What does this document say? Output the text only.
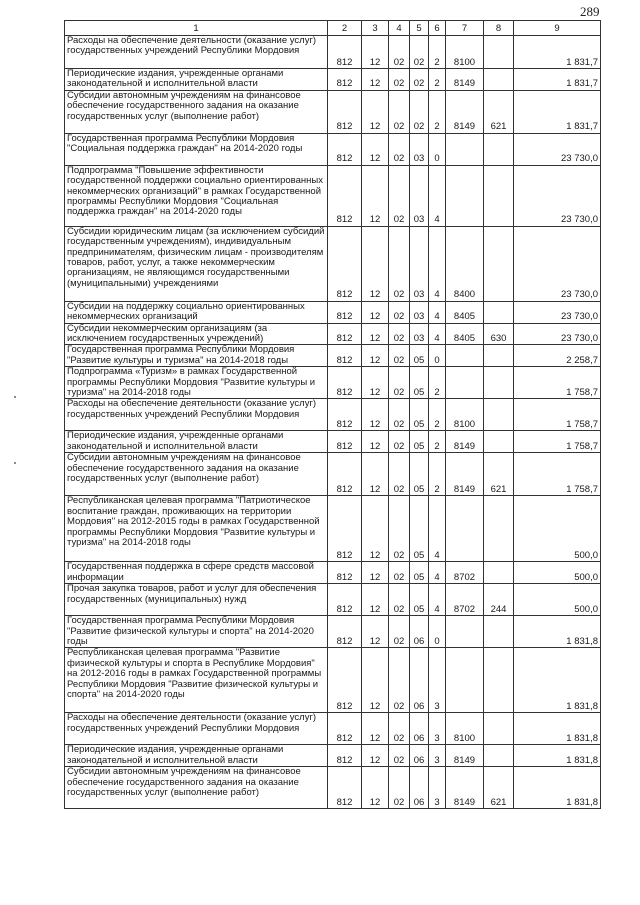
289
1	2	3	4	5	6	7	8	9
Расходы на обеспечение деятельности (оказание услуг) государственных учреждений Республики Мордовия	812	12	02	02	2	8100		1 831,7
Периодические издания, учрежденные органами законодательной и исполнительной власти	812	12	02	02	2	8149		1 831,7
Субсидии автономным учреждениям на финансовое обеспечение государственного задания на оказание государственных услуг (выполнение работ)	812	12	02	02	2	8149	621	1 831,7
Государственная программа Республики Мордовия "Социальная поддержка граждан" на 2014-2020 годы	812	12	02	03	0			23 730,0
Подпрограмма "Повышение эффективности государственной поддержки социально ориентированных некоммерческих организаций" в рамках Государственной программы Республики Мордовия "Социальная поддержка граждан" на 2014-2020 годы	812	12	02	03	4			23 730,0
Субсидии юридическим лицам (за исключением субсидий государственным учреждениям), индивидуальным предпринимателям, физическим лицам - производителям товаров, работ, услуг, а также некоммерческим организациям, не являющимся государственными (муниципальными) учреждениями	812	12	02	03	4	8400		23 730,0
Субсидии на поддержку социально ориентированных некоммерческих организаций	812	12	02	03	4	8405		23 730,0
Субсидии некоммерческим организациям (за исключением государственных учреждений)	812	12	02	03	4	8405	630	23 730,0
Государственная программа Республики Мордовия "Развитие культуры и туризма" на 2014-2018 годы	812	12	02	05	0			2 258,7
Подпрограмма «Туризм» в рамках Государственной программы Республики Мордовия "Развитие культуры и туризма" на 2014-2018 годы	812	12	02	05	2			1 758,7
Расходы на обеспечение деятельности (оказание услуг) государственных учреждений Республики Мордовия	812	12	02	05	2	8100		1 758,7
Периодические издания, учрежденные органами законодательной и исполнительной власти	812	12	02	05	2	8149		1 758,7
Субсидии автономным учреждениям на финансовое обеспечение государственного задания на оказание государственных услуг (выполнение работ)	812	12	02	05	2	8149	621	1 758,7
Республиканская целевая программа "Патриотическое воспитание граждан, проживающих на территории Мордовия" на 2012-2015 годы в рамках Государственной программы Республики Мордовия "Развитие культуры и туризма" на 2014-2018 годы	812	12	02	05	4			500,0
Государственная поддержка в сфере средств массовой информации	812	12	02	05	4	8702		500,0
Прочая закупка товаров, работ и услуг для обеспечения государственных (муниципальных) нужд	812	12	02	05	4	8702	244	500,0
Государственная программа Республики Мордовия "Развитие физической культуры и спорта" на 2014-2020 годы	812	12	02	06	0			1 831,8
Республиканская целевая программа "Развитие физической культуры и спорта в Республике Мордовия" на 2012-2016 годы в рамках Государственной программы Республики Мордовия "Развитие физической культуры и спорта" на 2014-2020 годы	812	12	02	06	3			1 831,8
Расходы на обеспечение деятельности (оказание услуг) государственных учреждений Республики Мордовия	812	12	02	06	3	8100		1 831,8
Периодические издания, учрежденные органами законодательной и исполнительной власти	812	12	02	06	3	8149		1 831,8
Субсидии автономным учреждениям на финансовое обеспечение государственного задания на оказание государственных услуг (выполнение работ)	812	12	02	06	3	8149	621	1 831,8
